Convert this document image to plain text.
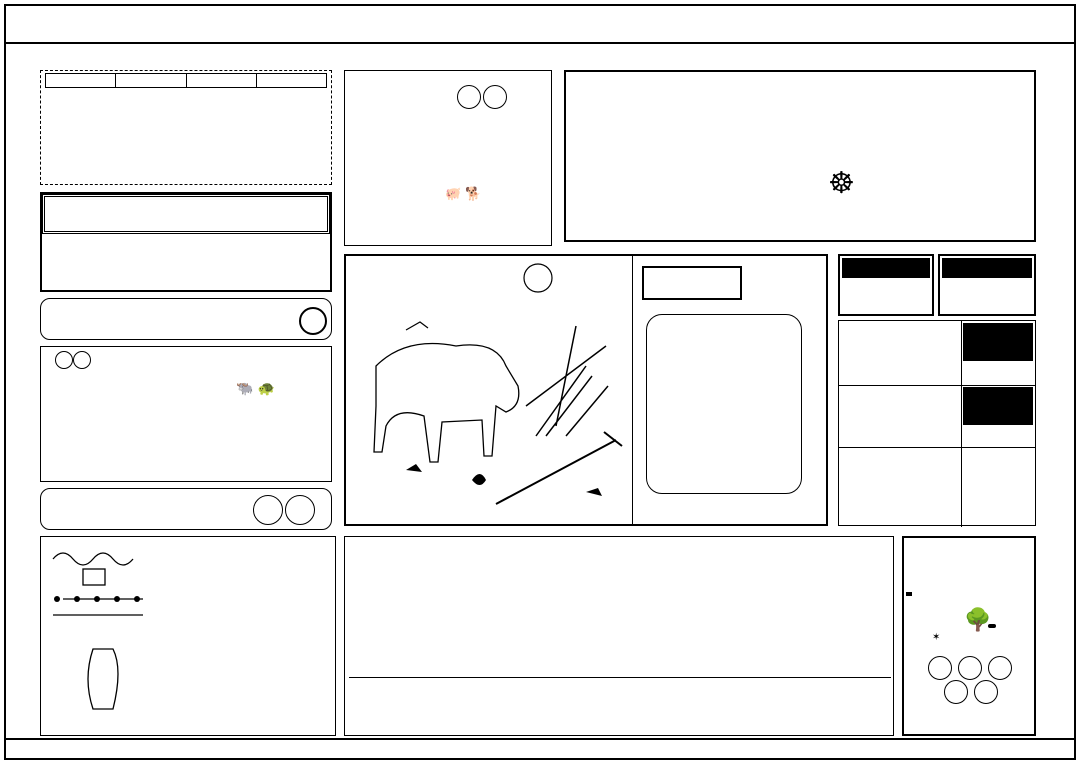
🐃 🐢
🐖 🐕	☸
🌳
✶
